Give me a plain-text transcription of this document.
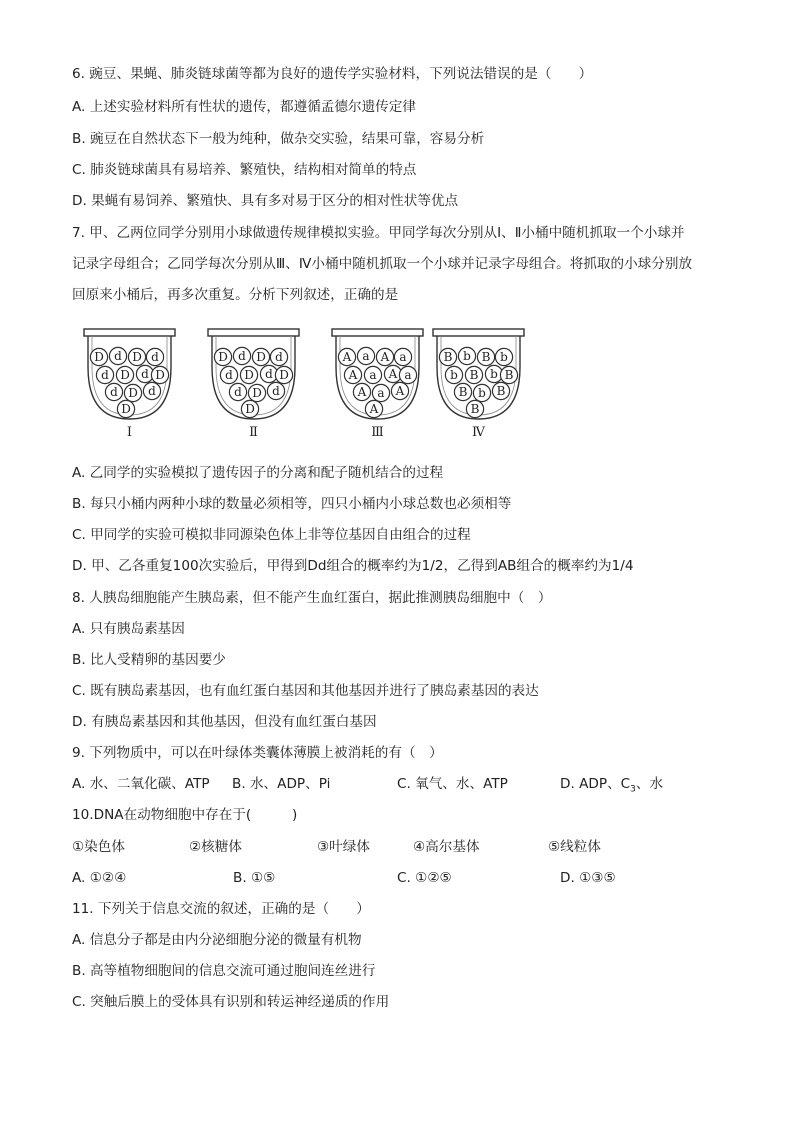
6. 豌豆、果蝇、肺炎链球菌等都为良好的遗传学实验材料，下列说法错误的是（　　）
A. 上述实验材料所有性状的遗传，都遵循孟德尔遗传定律
B. 豌豆在自然状态下一般为纯种，做杂交实验，结果可靠，容易分析
C. 肺炎链球菌具有易培养、繁殖快，结构相对简单的特点
D. 果蝇有易饲养、繁殖快、具有多对易于区分的相对性状等优点
7. 甲、乙两位同学分别用小球做遗传规律模拟实验。甲同学每次分别从Ⅰ、Ⅱ小桶中随机抓取一个小球并
记录字母组合；乙同学每次分别从Ⅲ、Ⅳ小桶中随机抓取一个小球并记录字母组合。将抓取的小球分别放
回原来小桶后，再多次重复。分析下列叙述，正确的是
D d D d
d D d D
d D d
D
D d D d
d D d D
d D d
D
A a A a
A a A a
A a A
A
B b B b
b B b B
B b B
B
Ⅰ	Ⅱ	Ⅲ	Ⅳ
A. 乙同学的实验模拟了遗传因子的分离和配子随机结合的过程
B. 每只小桶内两种小球的数量必须相等，四只小桶内小球总数也必须相等
C. 甲同学的实验可模拟非同源染色体上非等位基因自由组合的过程
D. 甲、乙各重复100次实验后，甲得到Dd组合的概率约为1/2，乙得到AB组合的概率约为1/4
8. 人胰岛细胞能产生胰岛素，但不能产生血红蛋白，据此推测胰岛细胞中（　）
A. 只有胰岛素基因
B. 比人受精卵的基因要少
C. 既有胰岛素基因，也有血红蛋白基因和其他基因并进行了胰岛素基因的表达
D. 有胰岛素基因和其他基因，但没有血红蛋白基因
9. 下列物质中，可以在叶绿体类囊体薄膜上被消耗的有（　）
A. 水、二氧化碳、ATP B. 水、ADP、Pi	C. 氧气、水、ATP	D. ADP、$C_3$、水
10.DNA在动物细胞中存在于(　　　)
①染色体	②核糖体	③叶绿体	④高尔基体	⑤线粒体
A. ①②④	B. ①⑤	C. ①②⑤	D. ①③⑤
11. 下列关于信息交流的叙述，正确的是（　　）
A. 信息分子都是由内分泌细胞分泌的微量有机物
B. 高等植物细胞间的信息交流可通过胞间连丝进行
C. 突触后膜上的受体具有识别和转运神经递质的作用
